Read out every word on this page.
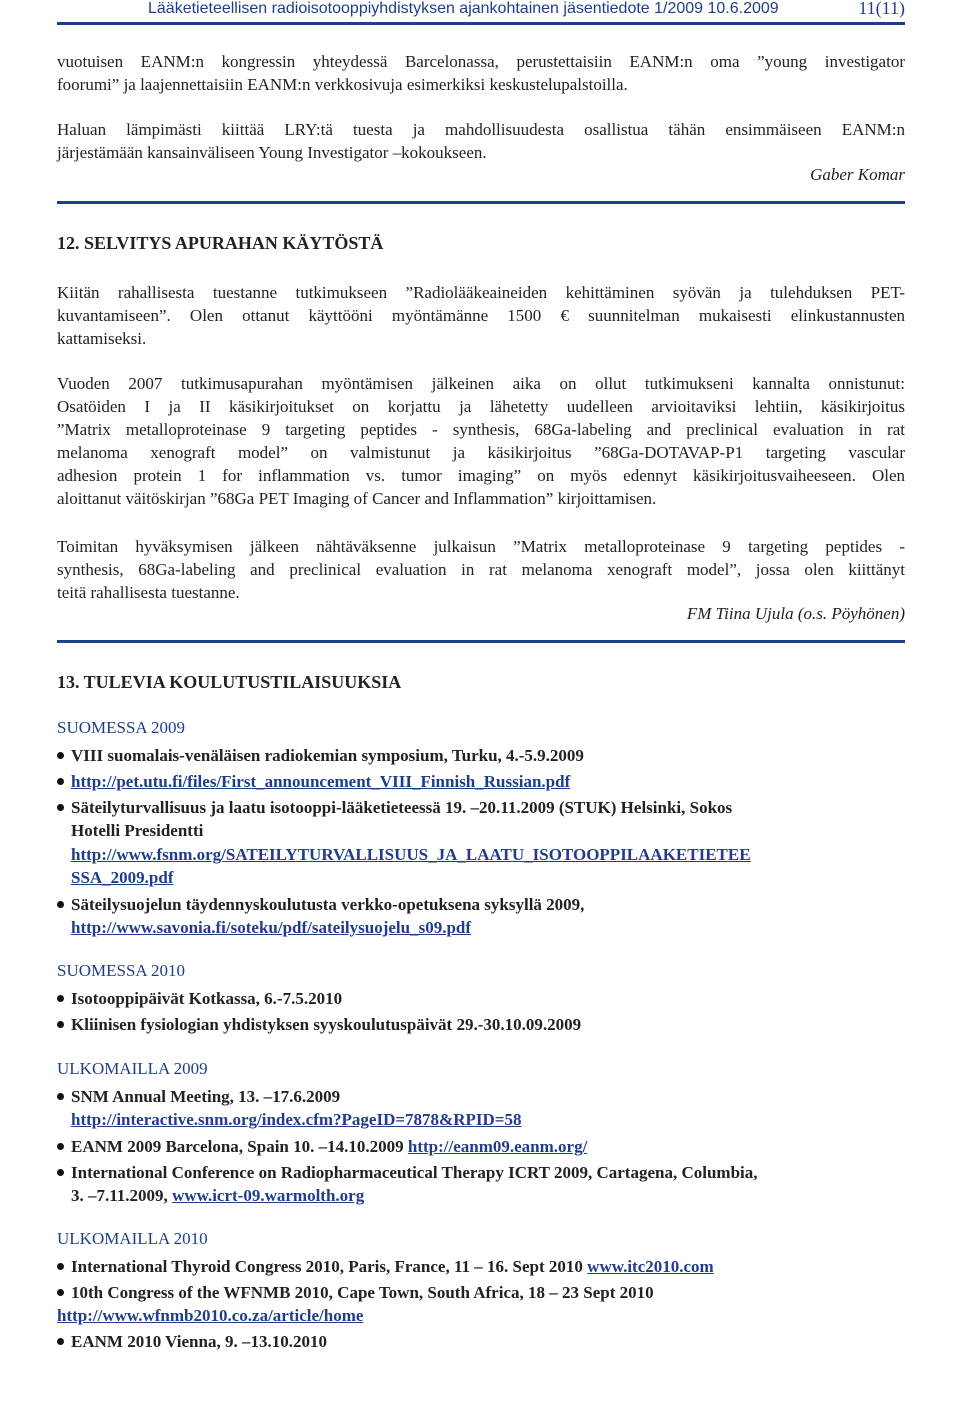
Lääketieteellisen radioisotooppiyhdistyksen ajankohtainen jäsentiedote 1/2009 10.6.2009	11(11)
vuotuisen EANM:n kongressin yhteydessä Barcelonassa, perustettaisiin EANM:n oma ”young investigator
foorumi” ja laajennettaisiin EANM:n verkkosivuja esimerkiksi keskustelupalstoilla.
Haluan lämpimästi kiittää LRY:tä tuesta ja mahdollisuudesta osallistua tähän ensimmäiseen EANM:n
järjestämään kansainväliseen Young Investigator –kokoukseen.
Gaber Komar
12. SELVITYS APURAHAN KÄYTÖSTÄ
Kiitän rahallisesta tuestanne tutkimukseen ”Radiolääkeaineiden kehittäminen syövän ja tulehduksen PET-
kuvantamiseen”. Olen ottanut käyttööni myöntämänne 1500 € suunnitelman mukaisesti elinkustannusten
kattamiseksi.
Vuoden 2007 tutkimusapurahan myöntämisen jälkeinen aika on ollut tutkimukseni kannalta onnistunut:
Osatöiden I ja II käsikirjoitukset on korjattu ja lähetetty uudelleen arvioitaviksi lehtiin, käsikirjoitus
”Matrix metalloproteinase 9 targeting peptides - synthesis, 68Ga-labeling and preclinical evaluation in rat
melanoma xenograft model” on valmistunut ja käsikirjoitus ”68Ga-DOTAVAP-P1 targeting vascular
adhesion protein 1 for inflammation vs. tumor imaging” on myös edennyt käsikirjoitusvaiheeseen. Olen
aloittanut väitöskirjan ”68Ga PET Imaging of Cancer and Inflammation” kirjoittamisen.
Toimitan hyväksymisen jälkeen nähtäväksenne julkaisun ”Matrix metalloproteinase 9 targeting peptides -
synthesis, 68Ga-labeling and preclinical evaluation in rat melanoma xenograft model”, jossa olen kiittänyt
teitä rahallisesta tuestanne.
FM Tiina Ujula (o.s. Pöyhönen)
13. TULEVIA KOULUTUSTILAISUUKSIA
SUOMESSA 2009
VIII suomalais-venäläisen radiokemian symposium, Turku, 4.-5.9.2009
http://pet.utu.fi/files/First_announcement_VIII_Finnish_Russian.pdf
Säteilyturvallisuus ja laatu isotooppi-lääketieteessä 19. –20.11.2009 (STUK) Helsinki, Sokos
Hotelli Presidentti
http://www.fsnm.org/SATEILYTURVALLISUUS_JA_LAATU_ISOTOOPPILAAKETIETEE
SSA_2009.pdf
Säteilysuojelun täydennyskoulutusta verkko-opetuksena syksyllä 2009,
http://www.savonia.fi/soteku/pdf/sateilysuojelu_s09.pdf
SUOMESSA 2010
Isotooppipäivät Kotkassa, 6.-7.5.2010
Kliinisen fysiologian yhdistyksen syyskoulutuspäivät 29.-30.10.09.2009
ULKOMAILLA 2009
SNM Annual Meeting, 13. –17.6.2009
http://interactive.snm.org/index.cfm?PageID=7878&RPID=58
EANM 2009 Barcelona, Spain 10. –14.10.2009 http://eanm09.eanm.org/
International Conference on Radiopharmaceutical Therapy ICRT 2009, Cartagena, Columbia,
3. –7.11.2009, www.icrt-09.warmolth.org
ULKOMAILLA 2010
International Thyroid Congress 2010, Paris, France, 11 – 16. Sept 2010 www.itc2010.com
10th Congress of the WFNMB 2010, Cape Town, South Africa, 18 – 23 Sept 2010
http://www.wfnmb2010.co.za/article/home
EANM 2010 Vienna, 9. –13.10.2010
